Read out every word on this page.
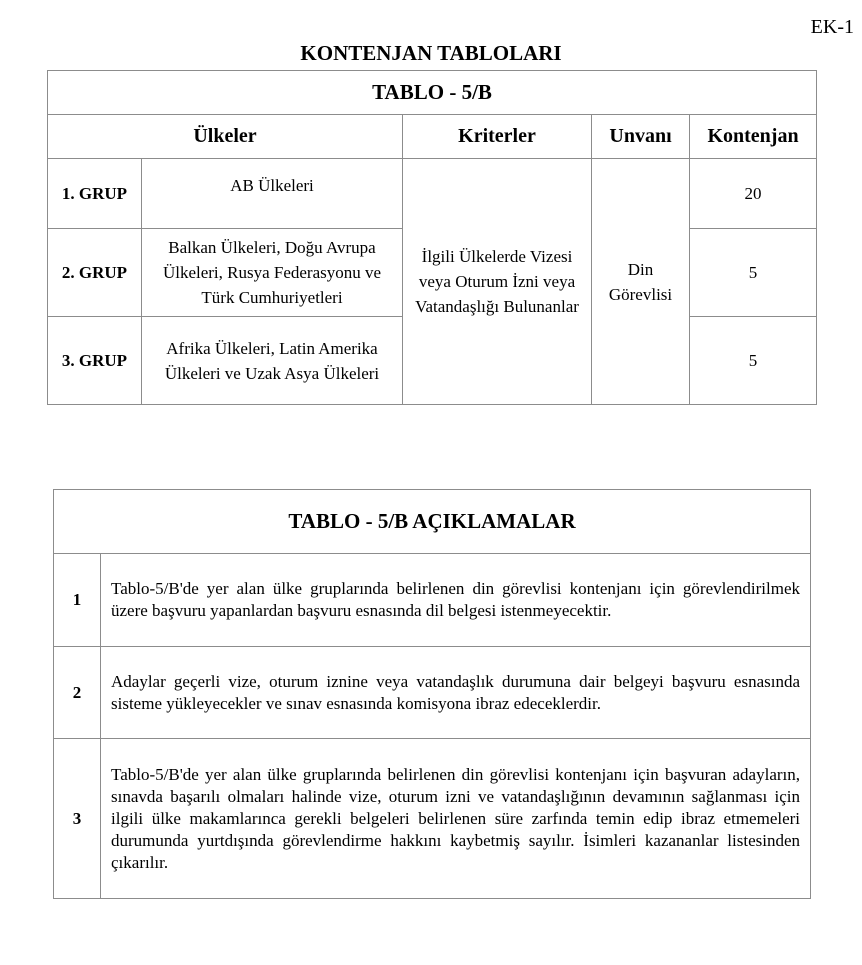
EK-1
KONTENJAN TABLOLARI
TABLO - 5/B				
Ülkeler		Kriterler	Unvanı	Kontenjan
1. GRUP	AB Ülkeleri	İlgili Ülkelerde Vizesi veya Oturum İzni veya Vatandaşlığı Bulunanlar	Din Görevlisi	20
2. GRUP	Balkan Ülkeleri, Doğu Avrupa Ülkeleri, Rusya Federasyonu ve Türk Cumhuriyetleri			5
3. GRUP	Afrika Ülkeleri, Latin Amerika Ülkeleri ve Uzak Asya Ülkeleri			5
TABLO - 5/B AÇIKLAMALAR	
1	Tablo-5/B'de yer alan ülke gruplarında belirlenen din görevlisi kontenjanı için görevlendirilmek üzere başvuru yapanlardan başvuru esnasında dil belgesi istenmeyecektir.
2	Adaylar geçerli vize, oturum iznine veya vatandaşlık durumuna dair belgeyi başvuru esnasında sisteme yükleyecekler ve sınav esnasında komisyona ibraz edeceklerdir.
3	Tablo-5/B'de yer alan ülke gruplarında belirlenen din görevlisi kontenjanı için başvuran adayların, sınavda başarılı olmaları halinde vize, oturum izni ve vatandaşlığının devamının sağlanması için ilgili ülke makamlarınca gerekli belgeleri belirlenen süre zarfında temin edip ibraz etmemeleri durumunda yurtdışında görevlendirme hakkını kaybetmiş sayılır. İsimleri kazananlar listesinden çıkarılır.
